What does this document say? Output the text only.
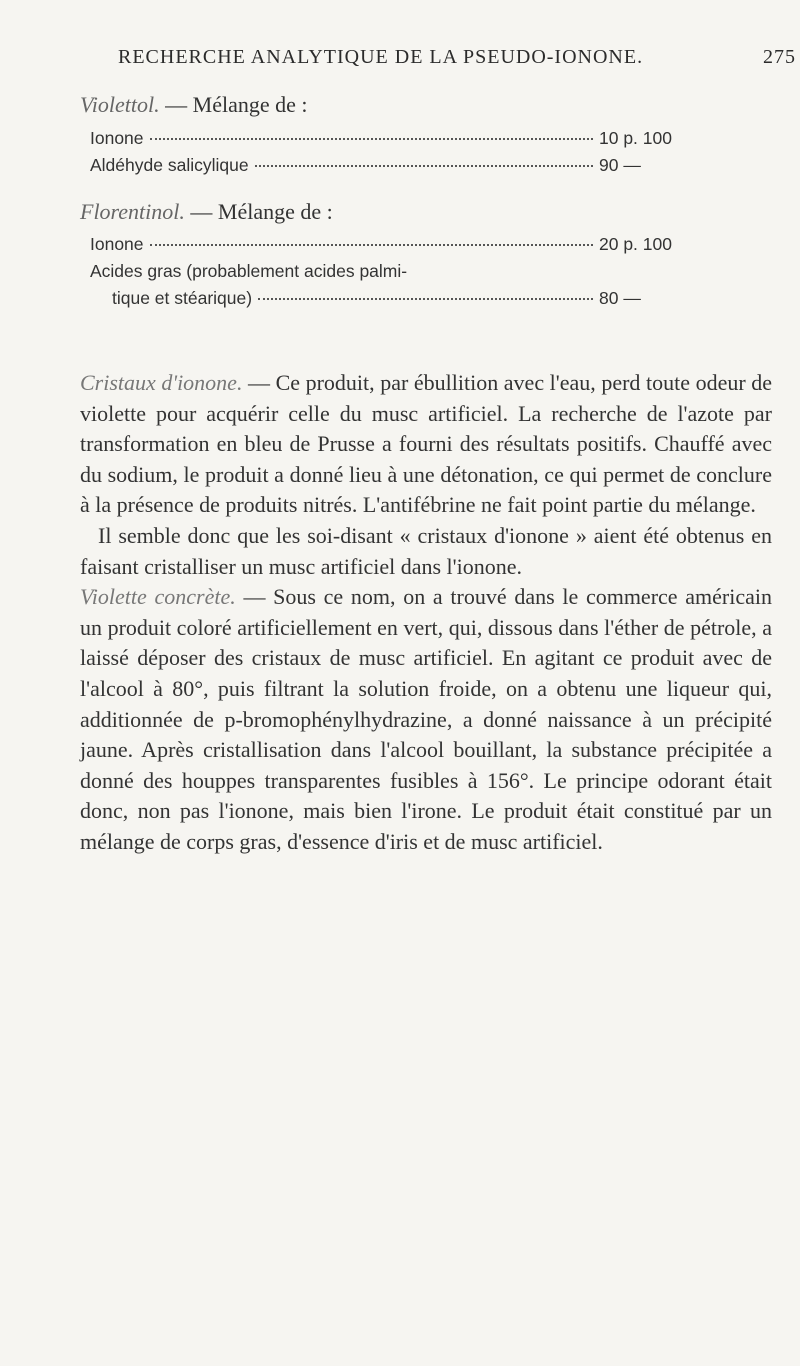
RECHERCHE ANALYTIQUE DE LA PSEUDO-IONONE.	275
Violettol. — Mélange de :
Ionone	10 p. 100
Aldéhyde salicylique	90 —
Florentinol. — Mélange de :
Ionone	20 p. 100
Acides gras (probablement acides palmi-
tique et stéarique)	80 —

Cristaux d'ionone. — Ce produit, par ébullition avec l'eau, perd toute odeur de violette pour acquérir celle du musc artificiel. La recherche de l'azote par transformation en bleu de Prusse a fourni des résultats positifs. Chauffé avec du sodium, le produit a donné lieu à une détonation, ce qui permet de conclure à la présence de produits nitrés. L'antifébrine ne fait point partie du mélange.

Il semble donc que les soi-disant « cristaux d'ionone » aient été obtenus en faisant cristalliser un musc artificiel dans l'ionone.

Violette concrète. — Sous ce nom, on a trouvé dans le commerce américain un produit coloré artificiellement en vert, qui, dissous dans l'éther de pétrole, a laissé déposer des cristaux de musc artificiel. En agitant ce produit avec de l'alcool à 80°, puis filtrant la solution froide, on a obtenu une liqueur qui, additionnée de p-bromophénylhydrazine, a donné naissance à un précipité jaune. Après cristallisation dans l'alcool bouillant, la substance précipitée a donné des houppes transparentes fusibles à 156°. Le principe odorant était donc, non pas l'ionone, mais bien l'irone. Le produit était constitué par un mélange de corps gras, d'essence d'iris et de musc artificiel.
